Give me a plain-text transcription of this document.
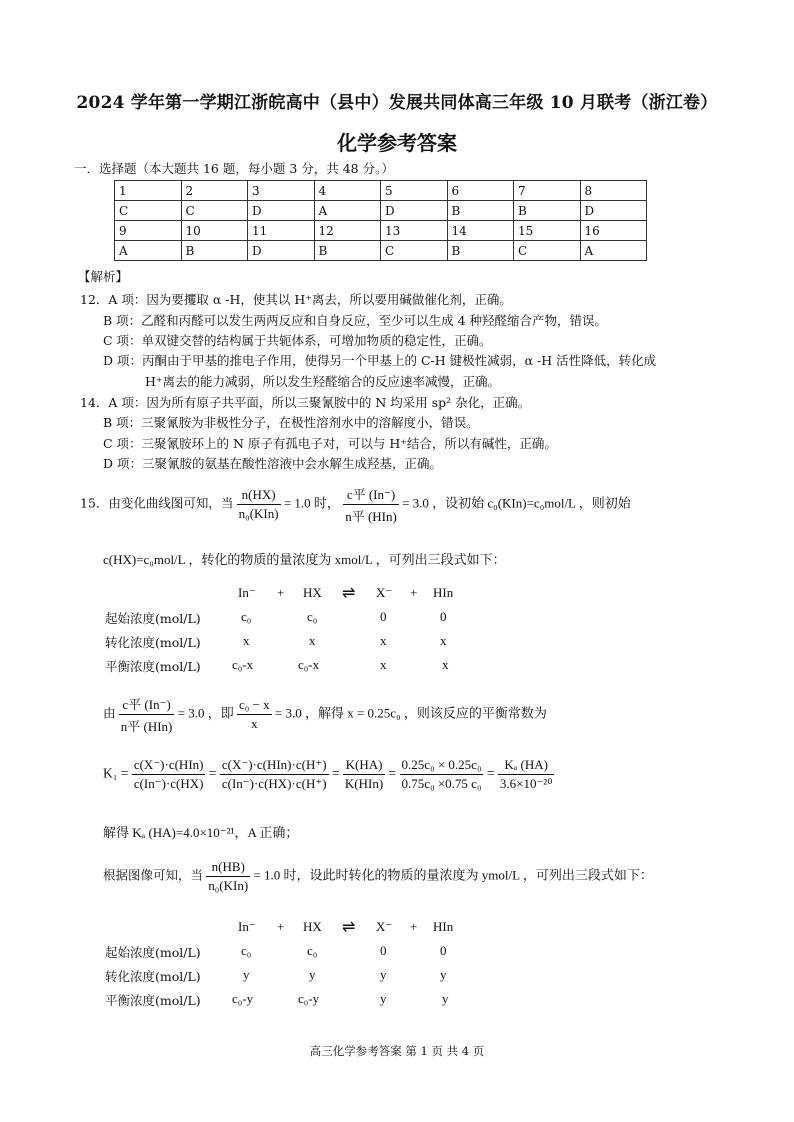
2024 学年第一学期江浙皖高中（县中）发展共同体高三年级 10 月联考（浙江卷）
化学参考答案
一．选择题（本大题共 16 题，每小题 3 分，共 48 分。）
1	2	3	4	5	6	7	8
C	C	D	A	D	B	B	D
9	10	11	12	13	14	15	16
A	B	D	B	C	B	C	A
【解析】
12．A 项：因为要攫取 α -H，使其以 H⁺离去，所以要用碱做催化剂，正确。
B 项：乙醛和丙醛可以发生两两反应和自身反应，至少可以生成 4 种羟醛缩合产物，错误。
C 项：单双键交替的结构属于共轭体系，可增加物质的稳定性，正确。
D 项：丙酮由于甲基的推电子作用，使得另一个甲基上的 C-H 键极性减弱，α -H 活性降低，转化成
H⁺离去的能力减弱，所以发生羟醛缩合的反应速率减慢，正确。
14．A 项：因为所有原子共平面，所以三聚氰胺中的 N 均采用 sp² 杂化，正确。
B 项：三聚氰胺为非极性分子，在极性溶剂水中的溶解度小，错误。
C 项：三聚氰胺环上的 N 原子有孤电子对，可以与 H⁺结合，所以有碱性，正确。
D 项：三聚氰胺的氨基在酸性溶液中会水解生成羟基，正确。
15．由变化曲线图可知，当 $\frac{n(HX)}{\text{n₀(KIn)}} = 1.0$ 时， $\frac{\text{c平 (In⁻)}}{\text{n平 (HIn)}} = 3.0$ ，设初始 c₀(KIn)=c₀mol/L ，则初始
c(HX)=c₀mol/L ，转化的物质的量浓度为 xmol/L ，可列出三段式如下：
In⁻ + HX ⇌ X⁻ + HIn
起始浓度(mol/L)	c₀	c₀	0	0
转化浓度(mol/L)	x	x	x	x
平衡浓度(mol/L) c₀-x	c₀-x	x	x
由 $\frac{\text{c平 (In⁻)}}{\text{n平 (HIn)}} = 3.0$ ，即 $\frac{\text{c₀ − x}}{x} = 3.0$ ，解得 x = 0.25c₀ ，则该反应的平衡常数为
$K_1 = \frac{\text{c(X⁻)·c(HIn)}}{c(In^-)\cdot c(HX)} = \frac{\text{c(X⁻)·c(HIn)·c(H⁺)}}{c(In^-)\cdot c(HX)\cdot c(H^+)} = \frac{K(HA)}{\text{K(HIn)}} = \frac{\text{0.25c₀ × 0.25c₀}}{\text{0.75c₀ ×0.75 c₀}} = \frac{\text{Kₐ (HA)}}{\text{3.6×10⁻²⁰}}$
解得 Kₐ (HA)=4.0×10⁻²¹，A 正确；
根据图像可知，当 $\frac{n(HB)}{\text{n₀(KIn)}} = 1.0$ 时，设此时转化的物质的量浓度为 ymol/L ，可列出三段式如下：
In⁻ + HX ⇌ X⁻ + HIn
起始浓度(mol/L)	c₀	c₀	0	0
转化浓度(mol/L)	y	y	y	y
平衡浓度(mol/L) c₀-y	c₀-y	y	y
高三化学参考答案 第 1 页 共 4 页
